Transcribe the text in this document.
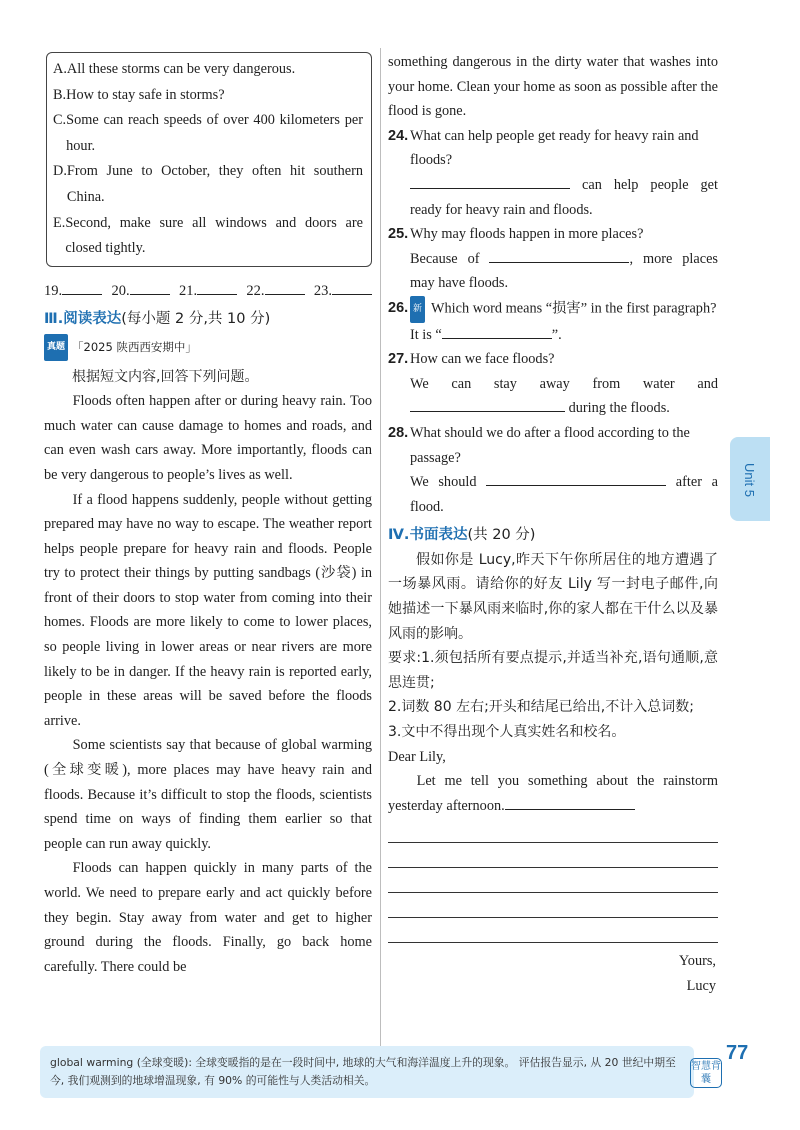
A. All these storms can be very dangerous.
B. How to stay safe in storms?
C. Some can reach speeds of over 400 kilometers per hour.
D. From June to October, they often hit southern China.
E. Second, make sure all windows and doors are closed tightly.
19.	20.	21.	22.	23.
Ⅲ.阅读表达(每小题 2 分,共 10 分)
真题 「2025 陕西西安期中」

根据短文内容,回答下列问题。

Floods often happen after or during heavy rain. Too much water can cause damage to homes and roads, and can even wash cars away. More importantly, floods can be very dangerous to people’s lives as well.

If a flood happens suddenly, people without getting prepared may have no way to escape. The weather report helps people prepare for heavy rain and floods. People try to protect their things by putting sandbags (沙袋) in front of their doors to stop water from coming into their homes. Floods are more likely to come to lower places, so people living in lower areas or near rivers are more likely to be in danger. If the heavy rain is reported early, people in these areas will be saved before the floods arrive.

Some scientists say that because of global warming (全球变暖), more places may have heavy rain and floods. Because it’s difficult to stop the floods, scientists spend time on ways of finding them earlier so that people can run away quickly.

Floods can happen quickly in many parts of the world. We need to prepare early and act quickly before they begin. Stay away from water and get to higher ground during the floods. Finally, go back home carefully. There could be

something dangerous in the dirty water that washes into your home. Clean your home as soon as possible after the flood is gone.

24. What can help people get ready for heavy rain and floods?

can help people get ready for heavy rain and floods.

25. Why may floods happen in more places?

Because of	, more places may have floods.

26. 新 Which word means “损害” in the first paragraph?

It is “	”.

27. How can we face floods?

We can stay away from water and  during the floods.

28. What should we do after a flood according to the passage?

We should	after a flood.

Ⅳ.书面表达(共 20 分)

假如你是 Lucy,昨天下午你所居住的地方遭遇了一场暴风雨。请给你的好友 Lily 写一封电子邮件,向她描述一下暴风雨来临时,你的家人都在干什么以及暴风雨的影响。

要求:1.须包括所有要点提示,并适当补充,语句通顺,意思连贯;

2.词数 80 左右;开头和结尾已给出,不计入总词数;

3.文中不得出现个人真实姓名和校名。

Dear Lily,

Let me tell you something about the rainstorm yesterday afternoon.

Yours,

Lucy

Unit 5
global warming (全球变暖): 全球变暖指的是在一段时间中, 地球的大气和海洋温度上升的现象。 评估报告显示, 从 20 世纪中期至今, 我们观测到的地球增温现象, 有 90% 的可能性与人类活动相关。
智慧背囊
77
